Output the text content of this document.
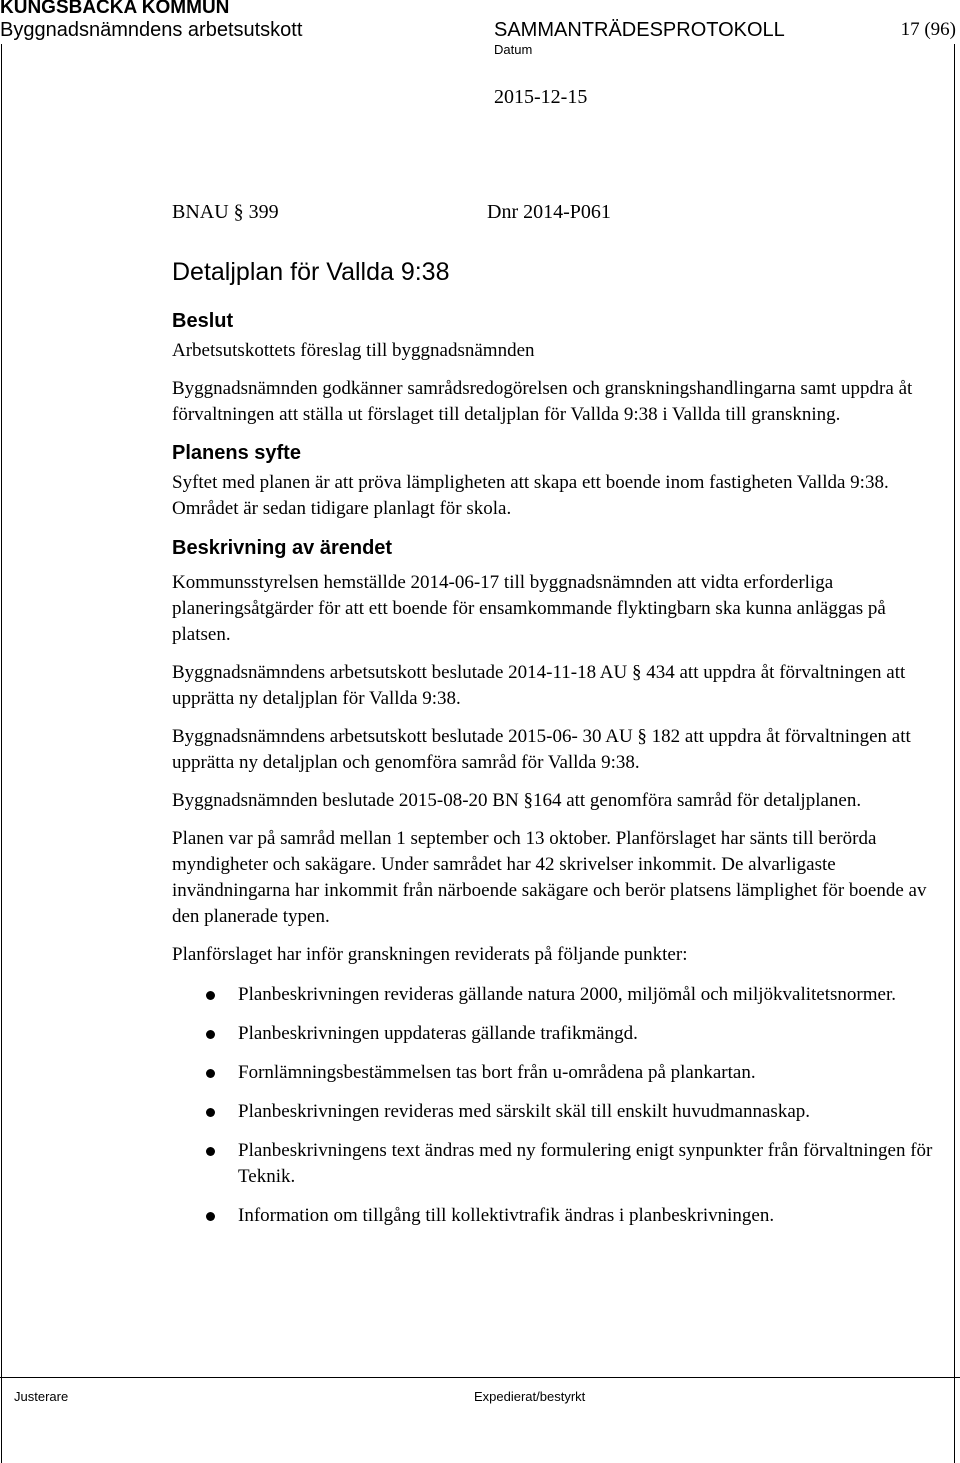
KUNGSBACKA KOMMUN
Byggnadsnämndens arbetsutskott	SAMMANTRÄDESPROTOKOLL	17 (96)
Datum
2015-12-15
BNAU § 399	Dnr 2014-P061
Detaljplan för Vallda 9:38
Beslut

Arbetsutskottets föreslag till byggnadsnämnden

Byggnadsnämnden godkänner samrådsredogörelsen och granskningshandlingarna samt uppdra åt förvaltningen att ställa ut förslaget till detaljplan för Vallda 9:38 i Vallda till granskning.

Planens syfte

Syftet med planen är att pröva lämpligheten att skapa ett boende inom fastigheten Vallda 9:38. Området är sedan tidigare planlagt för skola.

Beskrivning av ärendet

Kommunsstyrelsen hemställde 2014-06-17 till byggnadsnämnden att vidta erforderliga planeringsåtgärder för att ett boende för ensamkommande flyktingbarn ska kunna anläggas på platsen.

Byggnadsnämndens arbetsutskott beslutade 2014-11-18 AU § 434 att uppdra åt förvaltningen att upprätta ny detaljplan för Vallda 9:38.

Byggnadsnämndens arbetsutskott beslutade 2015-06- 30 AU § 182 att uppdra åt förvaltningen att upprätta ny detaljplan och genomföra samråd för Vallda 9:38.

Byggnadsnämnden beslutade 2015-08-20 BN §164 att genomföra samråd för detaljplanen.

Planen var på samråd mellan 1 september och 13 oktober. Planförslaget har sänts till berörda myndigheter och sakägare. Under samrådet har 42 skrivelser inkommit. De alvarligaste invändningarna har inkommit från närboende sakägare och berör platsens lämplighet för boende av den planerade typen.

Planförslaget har inför granskningen reviderats på följande punkter:

Planbeskrivningen revideras gällande natura 2000, miljömål och miljökvalitetsnormer.
Planbeskrivningen uppdateras gällande trafikmängd.
Fornlämningsbestämmelsen tas bort från u-områdena på plankartan.
Planbeskrivningen revideras med särskilt skäl till enskilt huvudmannaskap.
Planbeskrivningens text ändras med ny formulering enigt synpunkter från förvaltningen för Teknik.
Information om tillgång till kollektivtrafik ändras i planbeskrivningen.
Justerare	Expedierat/bestyrkt
